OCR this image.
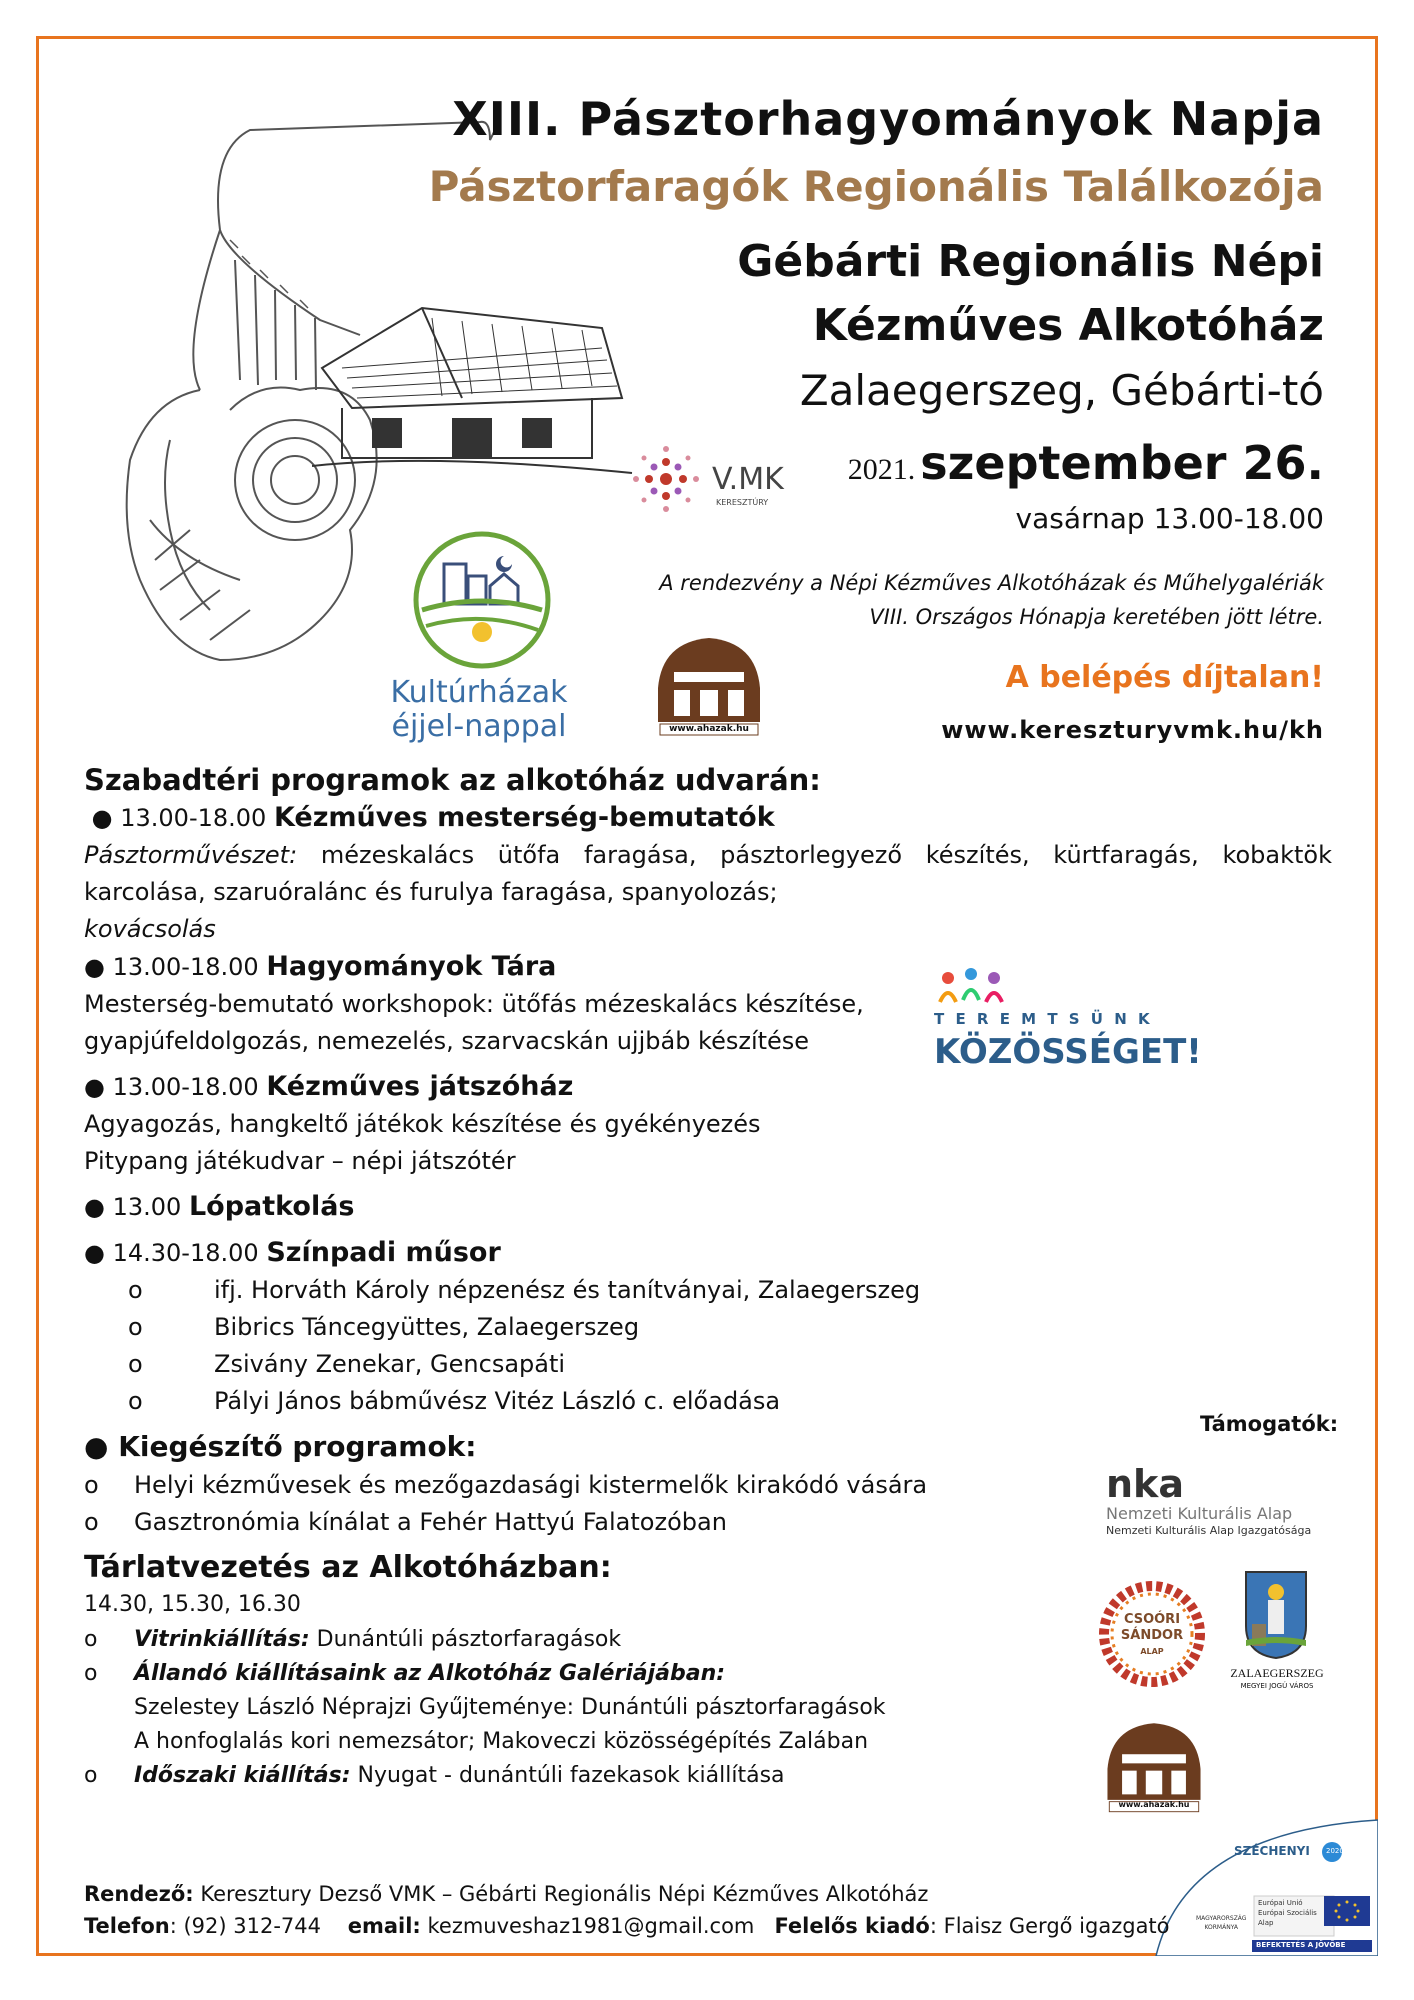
XIII. Pásztorhagyományok Napja
Pásztorfaragók Regionális Találkozója
Gébárti Regionális Népi
Kézműves Alkotóház
Zalaegerszeg, Gébárti-tó
2021. szeptember 26.
vasárnap 13.00-18.00
V.MK
KERESZTÚRY
Kultúrházak
éjjel-nappal	www.ahazak.hu
A rendezvény a Népi Kézműves Alkotóházak és Műhelygalériák
VIII. Országos Hónapja keretében jött létre.
A belépés díjtalan!
www.kereszturyvmk.hu/kh

Szabadtéri programok az alkotóház udvarán:

● 13.00-18.00 Kézműves mesterség-bemutatók

Pásztorművészet: mézeskalács ütőfa faragása, pásztorlegyező készítés, kürtfaragás, kobaktök karcolása, szaruóralánc és furulya faragása, spanyolozás;

kovácsolás

● 13.00-18.00 Hagyományok Tára

Mesterség-bemutató workshopok: ütőfás mézeskalács készítése,

gyapjúfeldolgozás, nemezelés, szarvacskán ujjbáb készítése

● 13.00-18.00 Kézműves játszóház

Agyagozás, hangkeltő játékok készítése és gyékényezés

Pitypang játékudvar – népi játszótér

● 13.00 Lópatkolás

● 14.30-18.00 Színpadi műsor

o	ifj. Horváth Károly népzenész és tanítványai, Zalaegerszeg
o	Bibrics Táncegyüttes, Zalaegerszeg
o	Zsivány Zenekar, Gencsapáti
o	Pályi János bábművész Vitéz László c. előadása

● Kiegészítő programok:

o	Helyi kézművesek és mezőgazdasági kistermelők kirakódó vására
o	Gasztronómia kínálat a Fehér Hattyú Falatozóban

Tárlatvezetés az Alkotóházban:

14.30, 15.30, 16.30

o	Vitrinkiállítás: Dunántúli pásztorfaragások
o	Állandó kiállításaink az Alkotóház Galériájában:
Szelestey László Néprajzi Gyűjteménye: Dunántúli pásztorfaragások
A honfoglalás kori nemezsátor; Makoveczi közösségépítés Zalában
o	Időszaki kiállítás: Nyugat - dunántúli fazekasok kiállítása
T E R E M T S Ü N K
KÖZÖSSÉGET!
Támogatók:
nka
Nemzeti Kulturális Alap
Nemzeti Kulturális Alap Igazgatósága
CSOÓRI
SÁNDOR
ALAP
ZALAEGERSZEG
MEGYEI JOGÚ VÁROS
www.ahazak.hu
SZÉCHENYI 2020
Európai Unió
Európai Szociális
Alap
MAGYARORSZÁG
KORMÁNYA
BEFEKTETÉS A JÖVŐBE
Rendező: Keresztury Dezső VMK – Gébárti Regionális Népi Kézműves Alkotóház
Telefon: (92) 312-744 email: kezmuveshaz1981@gmail.com Felelős kiadó: Flaisz Gergő igazgató
